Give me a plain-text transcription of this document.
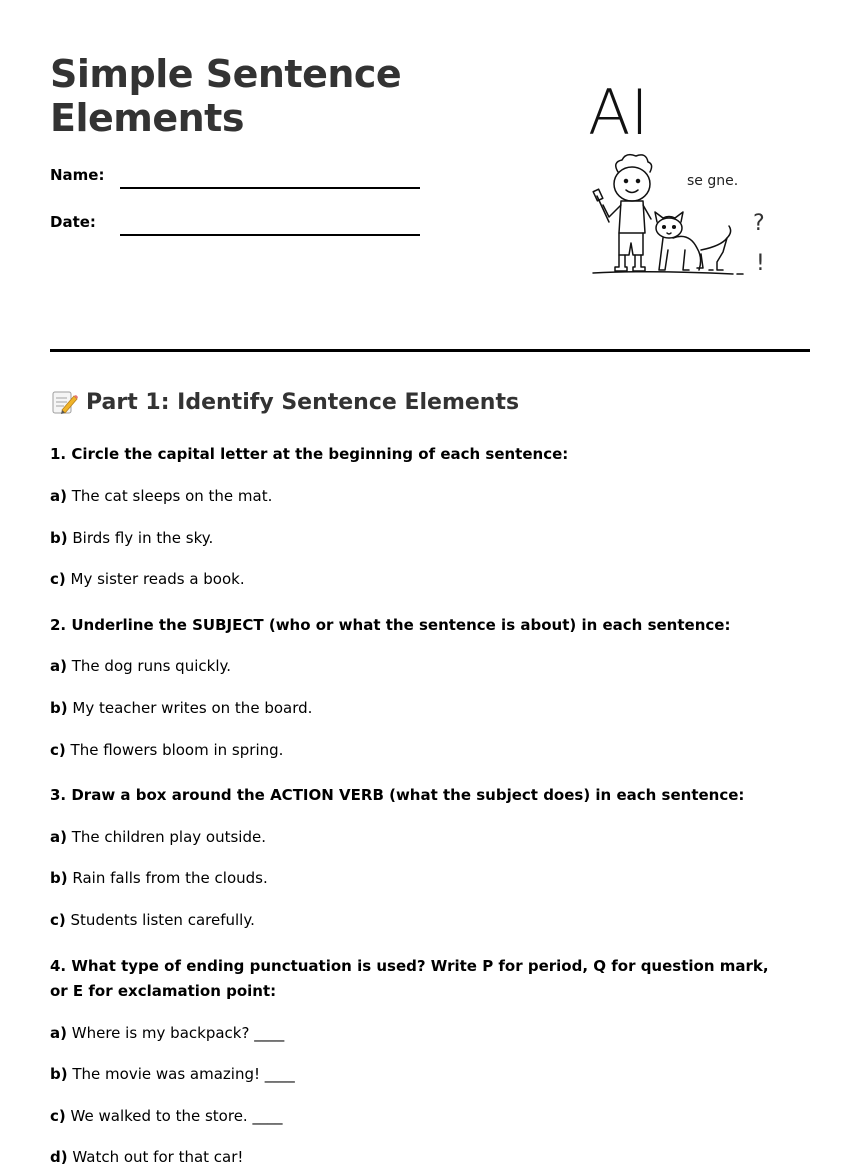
Simple Sentence
Elements
Name:
Date:
AI
se gne.
?
!
Part 1: Identify Sentence Elements

1. Circle the capital letter at the beginning of each sentence:

a) The cat sleeps on the mat.

b) Birds fly in the sky.

c) My sister reads a book.

2. Underline the SUBJECT (who or what the sentence is about) in each sentence:

a) The dog runs quickly.

b) My teacher writes on the board.

c) The flowers bloom in spring.

3. Draw a box around the ACTION VERB (what the subject does) in each sentence:

a) The children play outside.

b) Rain falls from the clouds.

c) Students listen carefully.

4. What type of ending punctuation is used? Write P for period, Q for question mark, or E for exclamation point:

a) Where is my backpack? ____

b) The movie was amazing! ____

c) We walked to the store. ____

d) Watch out for that car!
